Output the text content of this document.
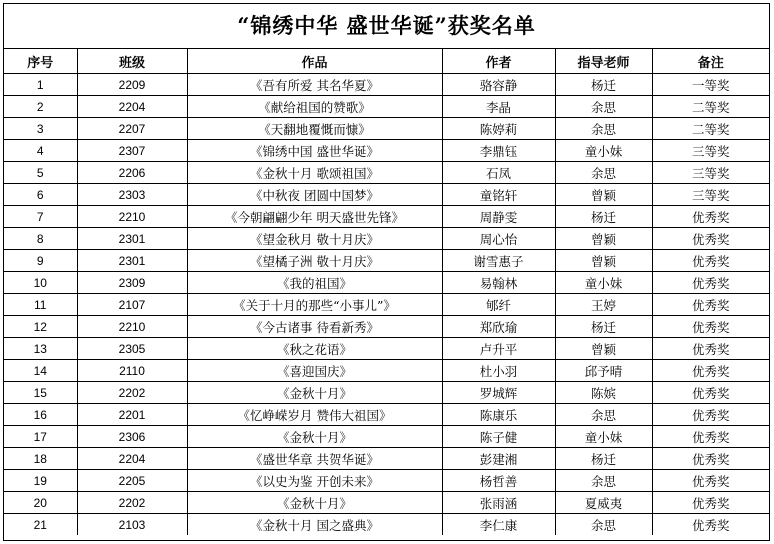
“锦绣中华 盛世华诞”获奖名单
序号	班级	作品	作者	指导老师	备注
1	2209	《吾有所爱 其名华夏》	骆容静	杨迁	一等奖
2	2204	《献给祖国的赞歌》	李晶	余思	二等奖
3	2207	《天翻地覆慨而慷》	陈婷莉	余思	二等奖
4	2307	《锦绣中国 盛世华诞》	李鼎钰	童小妹	三等奖
5	2206	《金秋十月 歌颂祖国》	石凤	余思	三等奖
6	2303	《中秋夜 团圆中国梦》	童铭轩	曾颖	三等奖
7	2210	《今朝翩翩少年 明天盛世先锋》	周静雯	杨迁	优秀奖
8	2301	《望金秋月 敬十月庆》	周心怡	曾颖	优秀奖
9	2301	《望橘子洲 敬十月庆》	谢雪惠子	曾颖	优秀奖
10	2309	《我的祖国》	易翰林	童小妹	优秀奖
11	2107	《关于十月的那些“小事儿”》	郇纤	王婷	优秀奖
12	2210	《今古诸事 待看新秀》	郑欣瑜	杨迁	优秀奖
13	2305	《秋之花语》	卢升平	曾颖	优秀奖
14	2110	《喜迎国庆》	杜小羽	邱予晴	优秀奖
15	2202	《金秋十月》	罗城辉	陈嫔	优秀奖
16	2201	《忆峥嵘岁月 赞伟大祖国》	陈康乐	余思	优秀奖
17	2306	《金秋十月》	陈子健	童小妹	优秀奖
18	2204	《盛世华章 共贺华诞》	彭建湘	杨迁	优秀奖
19	2205	《以史为鉴 开创未来》	杨哲善	余思	优秀奖
20	2202	《金秋十月》	张雨涵	夏威夷	优秀奖
21	2103	《金秋十月 国之盛典》	李仁康	余思	优秀奖
